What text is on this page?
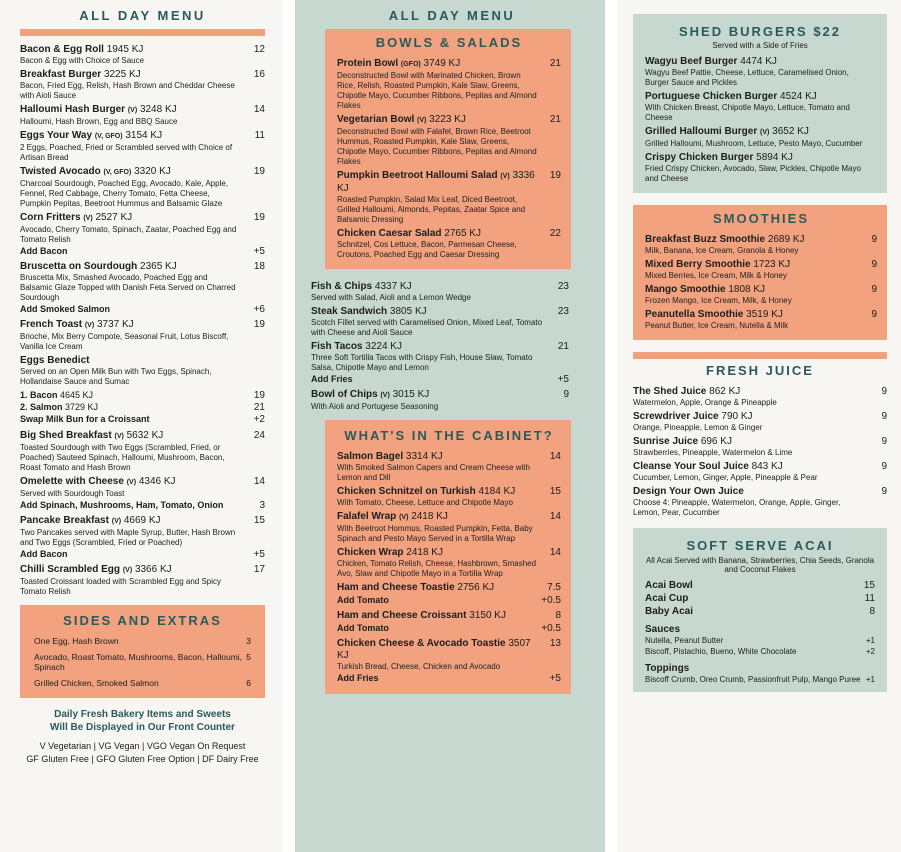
ALL DAY MENU
Bacon & Egg Roll 1945 KJ
Bacon & Egg with Choice of Sauce
12
Breakfast Burger 3225 KJ
Bacon, Fried Egg, Relish, Hash Brown and Cheddar Cheese with Aioli Sauce
16
Halloumi Hash Burger (V) 3248 KJ
Halloumi, Hash Brown, Egg and BBQ Sauce
14
Eggs Your Way (V, GFO) 3154 KJ
2 Eggs, Poached, Fried or Scrambled served with Choice of Artisan Bread
11
Twisted Avocado (V, GFO) 3320 KJ
Charcoal Sourdough, Poached Egg, Avocado, Kale, Apple, Fennel, Red Cabbage, Cherry Tomato, Fetta Cheese, Pumpkin Pepitas, Beetroot Hummus and Balsamic Glaze
19
Corn Fritters (V) 2527 KJ
Avocado, Cherry Tomato, Spinach, Zaatar, Poached Egg and Tomato Relish
19
Add Bacon	+5
Bruscetta on Sourdough 2365 KJ
Bruscetta Mix, Smashed Avocado, Poached Egg and Balsamic Glaze Topped with Danish Feta Served on Charred Sourdough
18
Add Smoked Salmon	+6
French Toast (V) 3737 KJ
Brioche, Mix Berry Compote, Seasonal Fruit, Lotus Biscoff, Vanilla Ice Cream
19
Eggs Benedict
Served on an Open Milk Bun with Two Eggs, Spinach, Hollandaise Sauce and Sumac
1. Bacon 4645 KJ	19
2. Salmon 3729 KJ	21
Swap Milk Bun for a Croissant	+2
Big Shed Breakfast (V) 5632 KJ
Toasted Sourdough with Two Eggs (Scrambled, Fried, or Poached) Sauteed Spinach, Halloumi, Mushroom, Bacon, Roast Tomato and Hash Brown
24
Omelette with Cheese (V) 4346 KJ
Served with Sourdough Toast
14
Add Spinach, Mushrooms, Ham, Tomato, Onion	3
Pancake Breakfast (V) 4669 KJ
Two Pancakes served with Maple Syrup, Butter, Hash Brown and Two Eggs (Scrambled, Fried or Poached)
15
Add Bacon	+5
Chilli Scrambled Egg (V) 3366 KJ
Toasted Croissant loaded with Scrambled Egg and Spicy Tomato Relish
17
SIDES AND EXTRAS
One Egg, Hash Brown	3
Avocado, Roast Tomato, Mushrooms, Bacon, Halloumi, Spinach
5
Grilled Chicken, Smoked Salmon	6
Daily Fresh Bakery Items and Sweets
Will Be Displayed in Our Front Counter
V Vegetarian | VG Vegan | VGO Vegan On Request
GF Gluten Free | GFO Gluten Free Option | DF Dairy Free
ALL DAY MENU
BOWLS & SALADS
Protein Bowl (GFO) 3749 KJ
Deconstructed Bowl with Marinated Chicken, Brown Rice, Relish, Roasted Pumpkin, Kale Slaw, Greens, Chipotle Mayo, Cucumber Ribbons, Pepitas and Almond Flakes
21
Vegetarian Bowl (V) 3223 KJ
Deconstructed Bowl with Falafel, Brown Rice, Beetroot Hummus, Roasted Pumpkin, Kale Slaw, Greens, Chipotle Mayo, Cucumber Ribbons, Pepitas and Almond Flakes
21
Pumpkin Beetroot Halloumi Salad (V) 3336 KJ
Roasted Pumpkin, Salad Mix Leaf, Diced Beetroot, Grilled Halloumi, Almonds, Pepitas, Zaatar Spice and Balsamic Dressing
19
Chicken Caesar Salad 2765 KJ
Schnitzel, Cos Lettuce, Bacon, Parmesan Cheese, Croutons, Poached Egg and Caesar Dressing
22
Fish & Chips 4337 KJ
Served with Salad, Aioli and a Lemon Wedge
23
Steak Sandwich 3805 KJ
Scotch Fillet served with Caramelised Onion, Mixed Leaf, Tomato with Cheese and Aioli Sauce
23
Fish Tacos 3224 KJ
Three Soft Tortilla Tacos with Crispy Fish, House Slaw, Tomato Salsa, Chipotle Mayo and Lemon
21
Add Fries	+5
Bowl of Chips (V) 3015 KJ
With Aioli and Portugese Seasoning
9
WHAT'S IN THE CABINET?
Salmon Bagel 3314 KJ
With Smoked Salmon Capers and Cream Cheese with Lemon and Dill
14
Chicken Schnitzel on Turkish 4184 KJ
With Tomato, Cheese, Lettuce and Chipotle Mayo
15
Falafel Wrap (V) 2418 KJ
With Beetroot Hommus, Roasted Pumpkin, Fetta, Baby Spinach and Pesto Mayo Served in a Tortilla Wrap
14
Chicken Wrap 2418 KJ
Chicken, Tomato Relish, Cheese, Hashbrown, Smashed Avo, Slaw and Chipotle Mayo in a Tortilla Wrap
14
Ham and Cheese Toastie 2756 KJ	7.5
Add Tomato	+0.5
Ham and Cheese Croissant 3150 KJ	8
Add Tomato	+0.5
Chicken Cheese & Avocado Toastie 3507 KJ
Turkish Bread, Cheese, Chicken and Avocado
13
Add Fries	+5
SHED BURGERS $22
Served with a Side of Fries
Wagyu Beef Burger 4474 KJ
Wagyu Beef Pattie, Cheese, Lettuce, Caramelised Onion, Burger Sauce and Pickles
Portuguese Chicken Burger 4524 KJ
With Chicken Breast, Chipotle Mayo, Lettuce, Tomato and Cheese
Grilled Halloumi Burger (V) 3652 KJ
Grilled Halloumi, Mushroom, Lettuce, Pesto Mayo, Cucumber
Crispy Chicken Burger 5894 KJ
Fried Crispy Chicken, Avocado, Slaw, Pickles, Chipotle Mayo and Cheese
SMOOTHIES
Breakfast Buzz Smoothie 2689 KJ
Milk, Banana, Ice Cream, Granola & Honey
9
Mixed Berry Smoothie 1723 KJ
Mixed Berries, Ice Cream, Milk & Honey
9
Mango Smoothie 1808 KJ
Frozen Mango, Ice Cream, Milk, & Honey
9
Peanutella Smoothie 3519 KJ
Peanut Butter, Ice Cream, Nutella & Milk
9
FRESH JUICE
The Shed Juice 862 KJ
Watermelon, Apple, Orange & Pineapple
9
Screwdriver Juice 790 KJ
Orange, Pineapple, Lemon & Ginger
9
Sunrise Juice 696 KJ
Strawberries, Pineapple, Watermelon & Lime
9
Cleanse Your Soul Juice 843 KJ
Cucumber, Lemon, Ginger, Apple, Pineapple & Pear
9
Design Your Own Juice
Choose 4: Pineapple, Watermelon, Orange, Apple, Ginger, Lemon, Pear, Cucumber
9
SOFT SERVE ACAI
All Acai Served with Banana, Strawberries, Chia Seeds, Granola and Coconut Flakes
Acai Bowl	15
Acai Cup	11
Baby Acai	8
Sauces
Nutella, Peanut Butter	+1
Biscoff, Pistachio, Bueno, White Chocolate	+2
Toppings
Biscoff Crumb, Oreo Crumb, Passionfruit Pulp, Mango Puree +1
